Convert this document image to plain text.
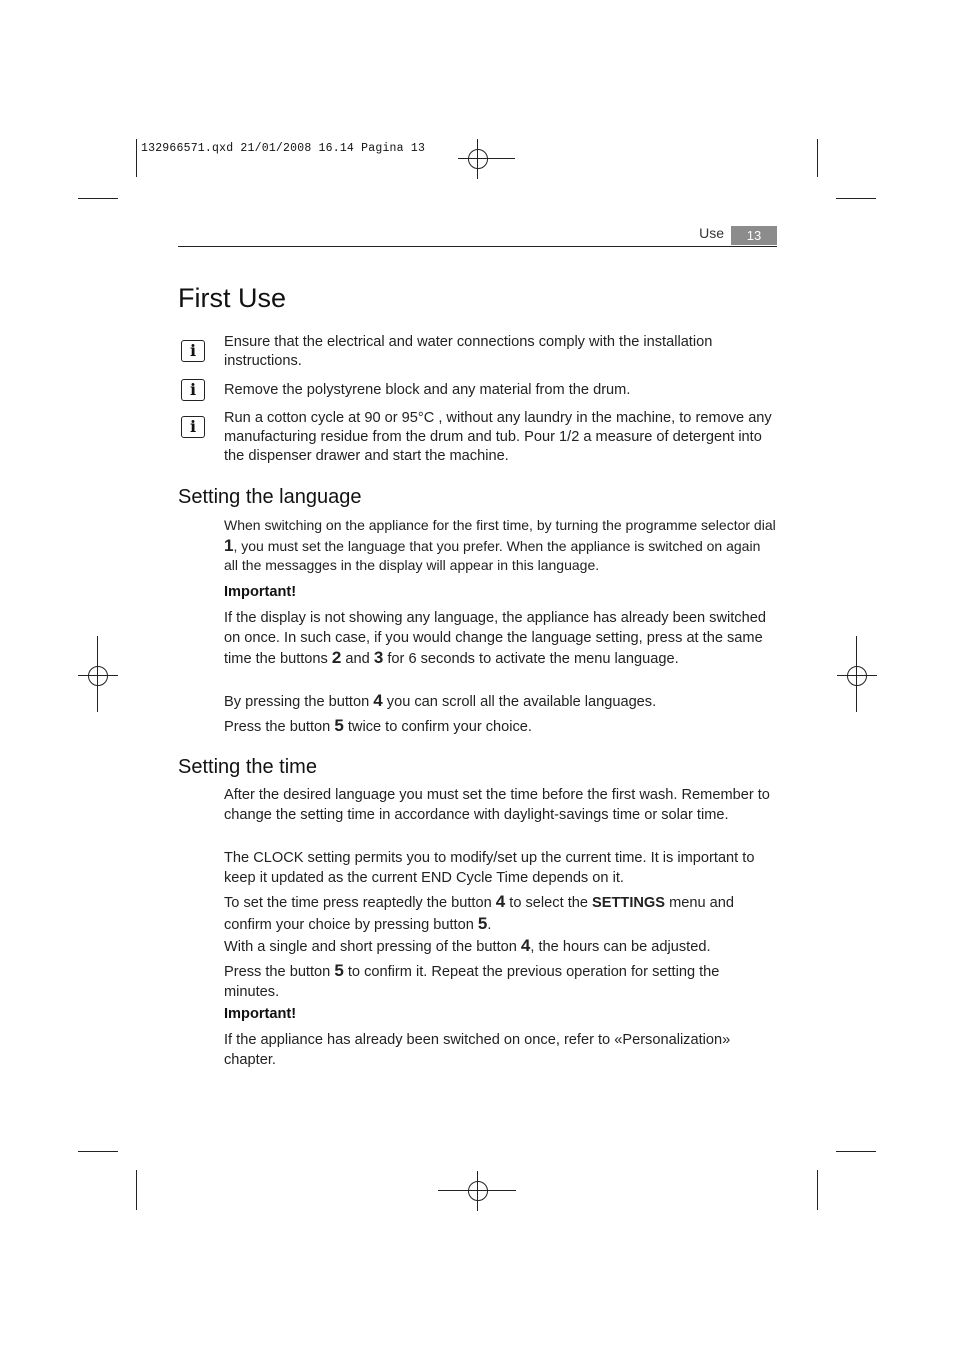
132966571.qxd 21/01/2008 16.14 Pagina 13
Use	13
First Use
i Ensure that the electrical and water connections comply with the installation instructions.
i Remove the polystyrene block and any material from the drum.
i Run a cotton cycle at 90 or 95°C , without any laundry in the machine, to remove any manufacturing residue from the drum and tub. Pour 1/2 a measure of detergent into the dispenser drawer and start the machine.
Setting the language

When switching on the appliance for the first time, by turning the programme selector dial 1, you must set the language that you prefer. When the appliance is switched on again all the messagges in the display will appear in this language.

Important!

If the display is not showing any language, the appliance has already been switched on once. In such case, if you would change the language setting, press at the same time the buttons 2 and 3 for 6 seconds to activate the menu language.

By pressing the button 4 you can scroll all the available languages.

Press the button 5 twice to confirm your choice.

Setting the time

After the desired language you must set the time before the first wash. Remember to change the setting time in accordance with daylight-savings time or solar time.

The CLOCK setting permits you to modify/set up the current time. It is important to keep it updated as the current END Cycle Time depends on it.

To set the time press reaptedly the button 4 to select the SETTINGS menu and confirm your choice by pressing button 5.

With a single and short pressing of the button 4, the hours can be adjusted.

Press the button 5 to confirm it. Repeat the previous operation for setting the minutes.

Important!

If the appliance has already been switched on once, refer to «Personalization» chapter.
